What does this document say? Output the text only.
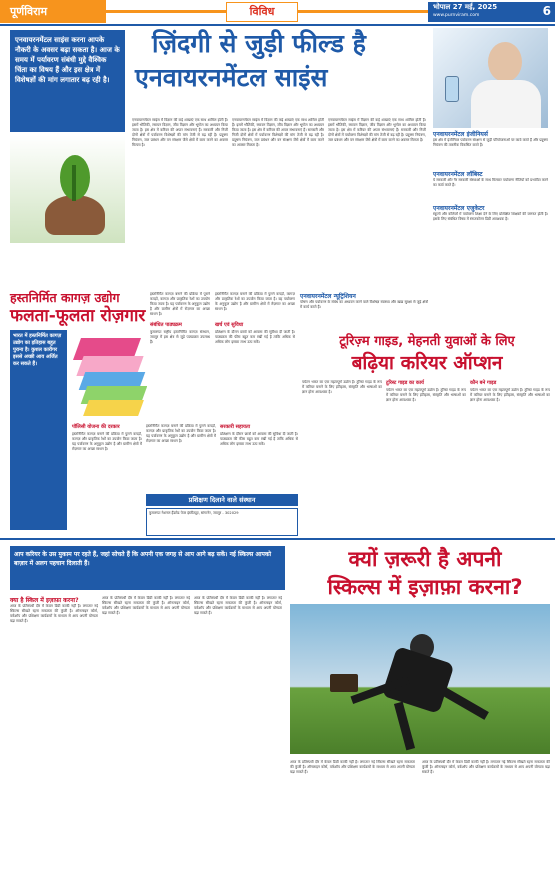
पूर्णविराम	विविध	भोपाल 27 मई, 2025
www.purnviram.com	6
एनवायरनमेंटल साइंस करना आपके नौकरी के अवसर बढ़ा सकता है। आज के समय में पर्यावरण संबंधी मुद्दे वैश्विक चिंता का विषय हैं और इस क्षेत्र में विशेषज्ञों की मांग लगातार बढ़ रही है।
ज़िंदगी से जुड़ी फील्ड है
एनवायरनमेंटल साइंस
एनवायरनमेंटल साइंस में विज्ञान की कई शाखाएं एक साथ शामिल होती हैं। इसमें भौतिकी, रसायन विज्ञान, जीव विज्ञान और भूगोल का अध्ययन किया जाता है। इस क्षेत्र में करियर की अपार संभावनाएं हैं। सरकारी और निजी दोनों क्षेत्रों में पर्यावरण विशेषज्ञों की मांग तेजी से बढ़ रही है। प्रदूषण नियंत्रण, जल प्रबंधन और वन संरक्षण जैसे क्षेत्रों में काम करने का अवसर मिलता है।
एनवायरनमेंटल साइंस में विज्ञान की कई शाखाएं एक साथ शामिल होती हैं। इसमें भौतिकी, रसायन विज्ञान, जीव विज्ञान और भूगोल का अध्ययन किया जाता है। इस क्षेत्र में करियर की अपार संभावनाएं हैं। सरकारी और निजी दोनों क्षेत्रों में पर्यावरण विशेषज्ञों की मांग तेजी से बढ़ रही है। प्रदूषण नियंत्रण, जल प्रबंधन और वन संरक्षण जैसे क्षेत्रों में काम करने का अवसर मिलता है।
एनवायरनमेंटल साइंस में विज्ञान की कई शाखाएं एक साथ शामिल होती हैं। इसमें भौतिकी, रसायन विज्ञान, जीव विज्ञान और भूगोल का अध्ययन किया जाता है। इस क्षेत्र में करियर की अपार संभावनाएं हैं। सरकारी और निजी दोनों क्षेत्रों में पर्यावरण विशेषज्ञों की मांग तेजी से बढ़ रही है। प्रदूषण नियंत्रण, जल प्रबंधन और वन संरक्षण जैसे क्षेत्रों में काम करने का अवसर मिलता है।
एनवायरनमेंटल इंजीनियर्स
इस क्षेत्र में इंजीनियर पर्यावरण संरक्षण से जुड़ी परियोजनाओं पर कार्य करते हैं और प्रदूषण नियंत्रण की तकनीक विकसित करते हैं।
एनवायरनमेंटल लॉबिस्ट
ये सरकारी और गैर सरकारी संस्थाओं के साथ मिलकर पर्यावरण नीतियों को प्रभावित करने का कार्य करते हैं।
एनवायरनमेंटल एजुकेटर
स्कूलों और कॉलेजों में पर्यावरण शिक्षा देने के लिए प्रशिक्षित शिक्षकों की जरूरत होती है। इसके लिए संबंधित विषय में स्नातकोत्तर डिग्री आवश्यक है।
एनवायरनमेंटल न्यूट्रिशियन
पोषण और पर्यावरण के संबंध का अध्ययन करने वाले विशेषज्ञ स्वास्थ्य और खाद्य सुरक्षा से जुड़े क्षेत्रों में कार्य करते हैं।
हस्तनिर्मित कागज़ उद्योग
फलता-फूलता रोज़गार
भारत में हस्तनिर्मित कागज़ उद्योग का इतिहास बहुत पुराना है। कुशल कारीगर इससे अच्छी आय अर्जित कर सकते हैं।
हस्तनिर्मित कागज़ बनाने की प्रक्रिया में पुराने कपड़ों, कागज़ और प्राकृतिक रेशों का उपयोग किया जाता है। यह पर्यावरण के अनुकूल उद्योग है और ग्रामीण क्षेत्रों में रोज़गार का अच्छा साधन है।
संबंधित पाठ्यक्रम
कुमारप्पा राष्ट्रीय हस्तनिर्मित कागज़ संस्थान, जयपुर में इस क्षेत्र से जुड़े पाठ्यक्रम उपलब्ध हैं।
हस्तनिर्मित कागज़ बनाने की प्रक्रिया में पुराने कपड़ों, कागज़ और प्राकृतिक रेशों का उपयोग किया जाता है। यह पर्यावरण के अनुकूल उद्योग है और ग्रामीण क्षेत्रों में रोज़गार का अच्छा साधन है।
खर्च एवं सुविधा
प्रशिक्षण के दौरान छात्रों को आवास की सुविधा दी जाती है। पाठ्यक्रम की फीस बहुत कम रखी गई है ताकि अधिक से अधिक लोग इसका लाभ उठा सकें।
पॉलिसी योजना की दरकार
हस्तनिर्मित कागज़ बनाने की प्रक्रिया में पुराने कपड़ों, कागज़ और प्राकृतिक रेशों का उपयोग किया जाता है। यह पर्यावरण के अनुकूल उद्योग है और ग्रामीण क्षेत्रों में रोज़गार का अच्छा साधन है।
हस्तनिर्मित कागज़ बनाने की प्रक्रिया में पुराने कपड़ों, कागज़ और प्राकृतिक रेशों का उपयोग किया जाता है। यह पर्यावरण के अनुकूल उद्योग है और ग्रामीण क्षेत्रों में रोज़गार का अच्छा साधन है।
सरकारी सहायता
प्रशिक्षण के दौरान छात्रों को आवास की सुविधा दी जाती है। पाठ्यक्रम की फीस बहुत कम रखी गई है ताकि अधिक से अधिक लोग इसका लाभ उठा सकें।
प्रशिक्षण दिलाने वाले संस्थान
कुमारप्पा नेशनल हैंडमेड पेपर इंस्टीट्यूट, सांगानेर, जयपुर - 302029
टूरिज़्म गाइड, मेहनती युवाओं के लिए
बढ़िया करियर ऑप्शन
पर्यटन भारत का एक महत्वपूर्ण उद्योग है। टूरिस्ट गाइड के रूप में करियर बनाने के लिए इतिहास, संस्कृति और भाषाओं का ज्ञान होना आवश्यक है।
टूरिस्ट गाइड का कार्य
पर्यटन भारत का एक महत्वपूर्ण उद्योग है। टूरिस्ट गाइड के रूप में करियर बनाने के लिए इतिहास, संस्कृति और भाषाओं का ज्ञान होना आवश्यक है।
कौन बने गाइड
पर्यटन भारत का एक महत्वपूर्ण उद्योग है। टूरिस्ट गाइड के रूप में करियर बनाने के लिए इतिहास, संस्कृति और भाषाओं का ज्ञान होना आवश्यक है।
आप करियर के उस मुकाम पर रहते हैं, जहां सोचते हैं कि अपनी एक जगह से आप आगे बढ़ सकें। नई स्किल्स आपको बाज़ार में अलग पहचान दिलाती हैं।	क्यों ज़रूरी है अपनी
स्किल्स में इज़ाफ़ा करना?
क्या है स्किल में इज़ाफ़ा करना?
आज के प्रतिस्पर्धी दौर में केवल डिग्री काफी नहीं है। लगातार नई स्किल्स सीखते रहना सफलता की कुंजी है। ऑनलाइन कोर्स, वर्कशॉप और प्रशिक्षण कार्यक्रमों के माध्यम से आप अपनी योग्यता बढ़ा सकते हैं।
आज के प्रतिस्पर्धी दौर में केवल डिग्री काफी नहीं है। लगातार नई स्किल्स सीखते रहना सफलता की कुंजी है। ऑनलाइन कोर्स, वर्कशॉप और प्रशिक्षण कार्यक्रमों के माध्यम से आप अपनी योग्यता बढ़ा सकते हैं।
आज के प्रतिस्पर्धी दौर में केवल डिग्री काफी नहीं है। लगातार नई स्किल्स सीखते रहना सफलता की कुंजी है। ऑनलाइन कोर्स, वर्कशॉप और प्रशिक्षण कार्यक्रमों के माध्यम से आप अपनी योग्यता बढ़ा सकते हैं।
आज के प्रतिस्पर्धी दौर में केवल डिग्री काफी नहीं है। लगातार नई स्किल्स सीखते रहना सफलता की कुंजी है। ऑनलाइन कोर्स, वर्कशॉप और प्रशिक्षण कार्यक्रमों के माध्यम से आप अपनी योग्यता बढ़ा सकते हैं।
आज के प्रतिस्पर्धी दौर में केवल डिग्री काफी नहीं है। लगातार नई स्किल्स सीखते रहना सफलता की कुंजी है। ऑनलाइन कोर्स, वर्कशॉप और प्रशिक्षण कार्यक्रमों के माध्यम से आप अपनी योग्यता बढ़ा सकते हैं।
